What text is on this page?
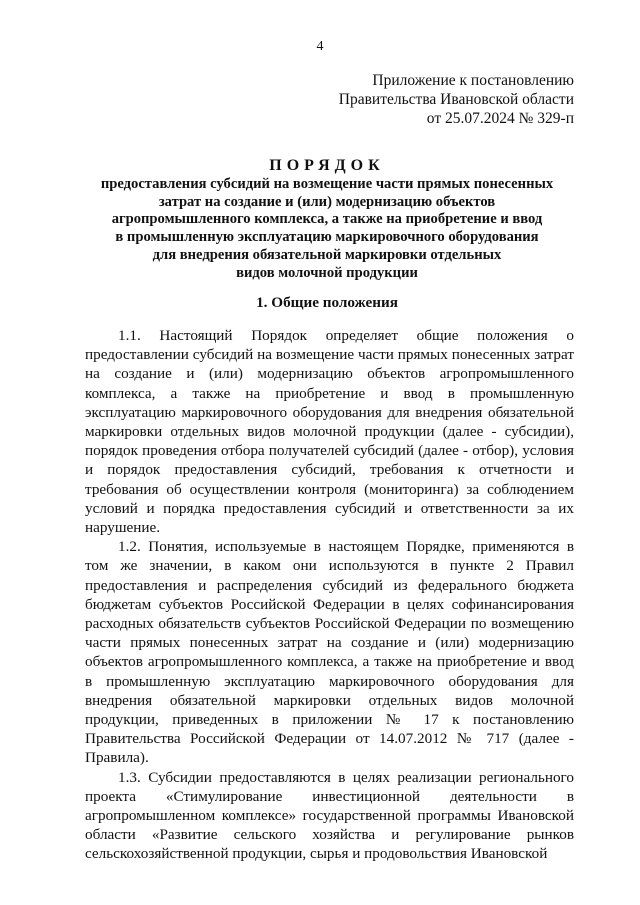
4
Приложение к постановлению
Правительства Ивановской области
от 25.07.2024 № 329-п
ПОРЯДОК
предоставления субсидий на возмещение части прямых понесенных
затрат на создание и (или) модернизацию объектов
агропромышленного комплекса, а также на приобретение и ввод
в промышленную эксплуатацию маркировочного оборудования
для внедрения обязательной маркировки отдельных
видов молочной продукции
1. Общие положения

1.1. Настоящий Порядок определяет общие положения о предоставлении субсидий на возмещение части прямых понесенных затрат на создание и (или) модернизацию объектов агропромышленного комплекса, а также на приобретение и ввод в промышленную эксплуатацию маркировочного оборудования для внедрения обязательной маркировки отдельных видов молочной продукции (далее - субсидии), порядок проведения отбора получателей субсидий (далее - отбор), условия и порядок предоставления субсидий, требования к отчетности и требования об осуществлении контроля (мониторинга) за соблюдением условий и порядка предоставления субсидий и ответственности за их нарушение.

1.2. Понятия, используемые в настоящем Порядке, применяются в том же значении, в каком они используются в пункте 2 Правил предоставления и распределения субсидий из федерального бюджета бюджетам субъектов Российской Федерации в целях софинансирования расходных обязательств субъектов Российской Федерации по возмещению части прямых понесенных затрат на создание и (или) модернизацию объектов агропромышленного комплекса, а также на приобретение и ввод в промышленную эксплуатацию маркировочного оборудования для внедрения обязательной маркировки отдельных видов молочной продукции, приведенных в приложении № 17 к постановлению Правительства Российской Федерации от 14.07.2012 № 717 (далее - Правила).

1.3. Субсидии предоставляются в целях реализации регионального проекта «Стимулирование инвестиционной деятельности в агропромышленном комплексе» государственной программы Ивановской области «Развитие сельского хозяйства и регулирование рынков сельскохозяйственной продукции, сырья и продовольствия Ивановской
